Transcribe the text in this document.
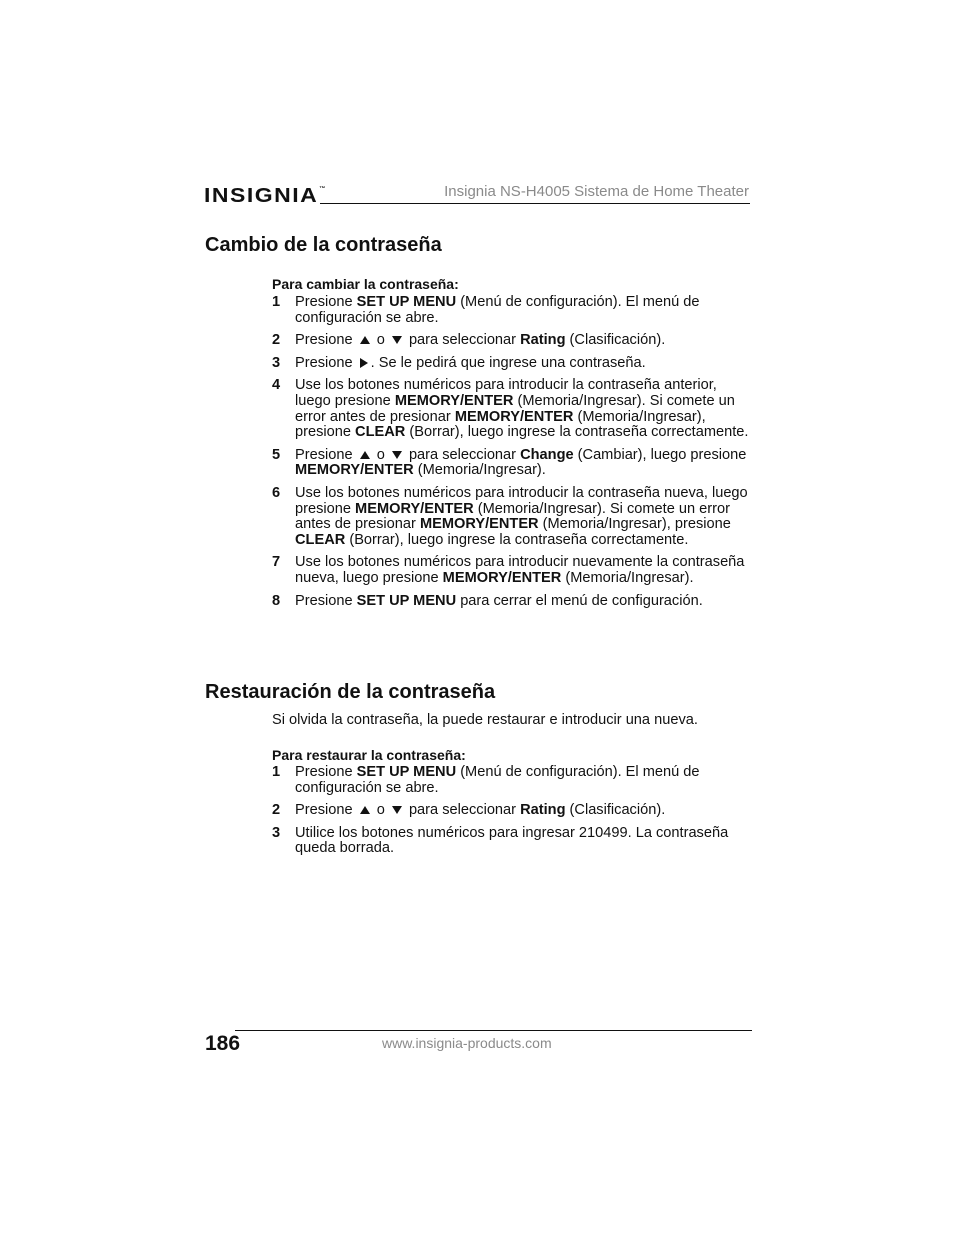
INSIGNIA™	Insignia NS-H4005 Sistema de Home Theater
Cambio de la contraseña

Para cambiar la contraseña:

1 Presione SET UP MENU (Menú de configuración). El menú de configuración se abre.
2 Presione  o  para seleccionar Rating (Clasificación).
3 Presione . Se le pedirá que ingrese una contraseña.
4 Use los botones numéricos para introducir la contraseña anterior, luego presione MEMORY/ENTER (Memoria/Ingresar). Si comete un error antes de presionar MEMORY/ENTER (Memoria/Ingresar), presione CLEAR (Borrar), luego ingrese la contraseña correctamente.
5 Presione  o  para seleccionar Change (Cambiar), luego presione MEMORY/ENTER (Memoria/Ingresar).
6 Use los botones numéricos para introducir la contraseña nueva, luego presione MEMORY/ENTER (Memoria/Ingresar). Si comete un error antes de presionar MEMORY/ENTER (Memoria/Ingresar), presione CLEAR (Borrar), luego ingrese la contraseña correctamente.
7 Use los botones numéricos para introducir nuevamente la contraseña nueva, luego presione MEMORY/ENTER (Memoria/Ingresar).
8 Presione SET UP MENU para cerrar el menú de configuración.
Restauración de la contraseña

Si olvida la contraseña, la puede restaurar e introducir una nueva.

Para restaurar la contraseña:

1 Presione SET UP MENU (Menú de configuración). El menú de configuración se abre.
2 Presione  o  para seleccionar Rating (Clasificación).
3 Utilice los botones numéricos para ingresar 210499. La contraseña queda borrada.
186	www.insignia-products.com
